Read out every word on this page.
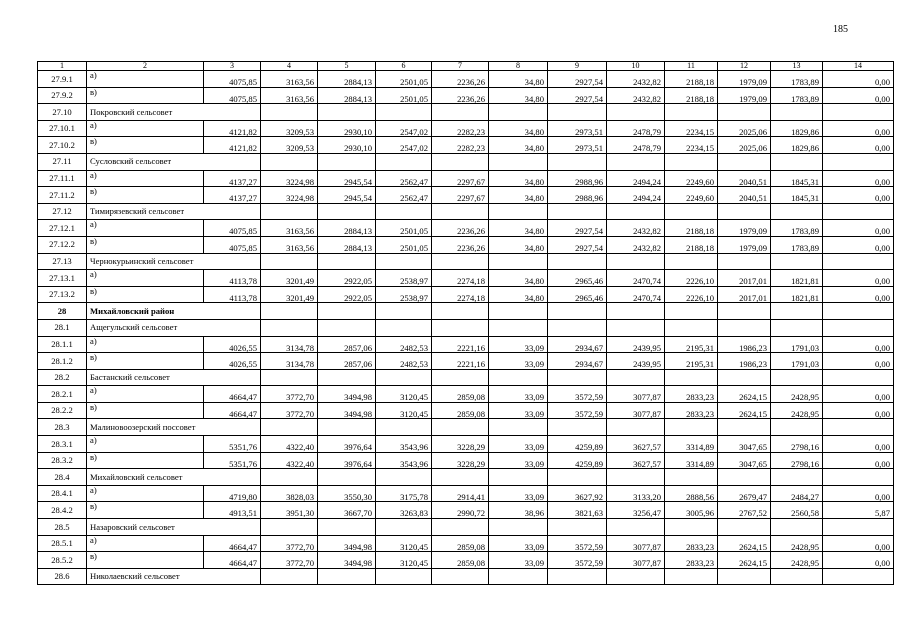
185
1	2	3	4	5	6	7	8	9	10	11	12	13	14
27.9.1	а)	4075,85	3163,56	2884,13	2501,05	2236,26	34,80	2927,54	2432,82	2188,18	1979,09	1783,89	0,00
27.9.2	в)	4075,85	3163,56	2884,13	2501,05	2236,26	34,80	2927,54	2432,82	2188,18	1979,09	1783,89	0,00
27.10	Покровский сельсовет												
27.10.1	а)	4121,82	3209,53	2930,10	2547,02	2282,23	34,80	2973,51	2478,79	2234,15	2025,06	1829,86	0,00
27.10.2	в)	4121,82	3209,53	2930,10	2547,02	2282,23	34,80	2973,51	2478,79	2234,15	2025,06	1829,86	0,00
27.11	Сусловский сельсовет												
27.11.1	а)	4137,27	3224,98	2945,54	2562,47	2297,67	34,80	2988,96	2494,24	2249,60	2040,51	1845,31	0,00
27.11.2	в)	4137,27	3224,98	2945,54	2562,47	2297,67	34,80	2988,96	2494,24	2249,60	2040,51	1845,31	0,00
27.12	Тимирязевский сельсовет												
27.12.1	а)	4075,85	3163,56	2884,13	2501,05	2236,26	34,80	2927,54	2432,82	2188,18	1979,09	1783,89	0,00
27.12.2	в)	4075,85	3163,56	2884,13	2501,05	2236,26	34,80	2927,54	2432,82	2188,18	1979,09	1783,89	0,00
27.13	Чернокурьинский сельсовет												
27.13.1	а)	4113,78	3201,49	2922,05	2538,97	2274,18	34,80	2965,46	2470,74	2226,10	2017,01	1821,81	0,00
27.13.2	в)	4113,78	3201,49	2922,05	2538,97	2274,18	34,80	2965,46	2470,74	2226,10	2017,01	1821,81	0,00
28	Михайловский район												
28.1	Ащегульский сельсовет												
28.1.1	а)	4026,55	3134,78	2857,06	2482,53	2221,16	33,09	2934,67	2439,95	2195,31	1986,23	1791,03	0,00
28.1.2	в)	4026,55	3134,78	2857,06	2482,53	2221,16	33,09	2934,67	2439,95	2195,31	1986,23	1791,03	0,00
28.2	Бастанский сельсовет												
28.2.1	а)	4664,47	3772,70	3494,98	3120,45	2859,08	33,09	3572,59	3077,87	2833,23	2624,15	2428,95	0,00
28.2.2	в)	4664,47	3772,70	3494,98	3120,45	2859,08	33,09	3572,59	3077,87	2833,23	2624,15	2428,95	0,00
28.3	Малиновоозерский поссовет												
28.3.1	а)	5351,76	4322,40	3976,64	3543,96	3228,29	33,09	4259,89	3627,57	3314,89	3047,65	2798,16	0,00
28.3.2	в)	5351,76	4322,40	3976,64	3543,96	3228,29	33,09	4259,89	3627,57	3314,89	3047,65	2798,16	0,00
28.4	Михайловский сельсовет												
28.4.1	а)	4719,80	3828,03	3550,30	3175,78	2914,41	33,09	3627,92	3133,20	2888,56	2679,47	2484,27	0,00
28.4.2	в)	4913,51	3951,30	3667,70	3263,83	2990,72	38,96	3821,63	3256,47	3005,96	2767,52	2560,58	5,87
28.5	Назаровский сельсовет												
28.5.1	а)	4664,47	3772,70	3494,98	3120,45	2859,08	33,09	3572,59	3077,87	2833,23	2624,15	2428,95	0,00
28.5.2	в)	4664,47	3772,70	3494,98	3120,45	2859,08	33,09	3572,59	3077,87	2833,23	2624,15	2428,95	0,00
28.6	Николаевский сельсовет												
